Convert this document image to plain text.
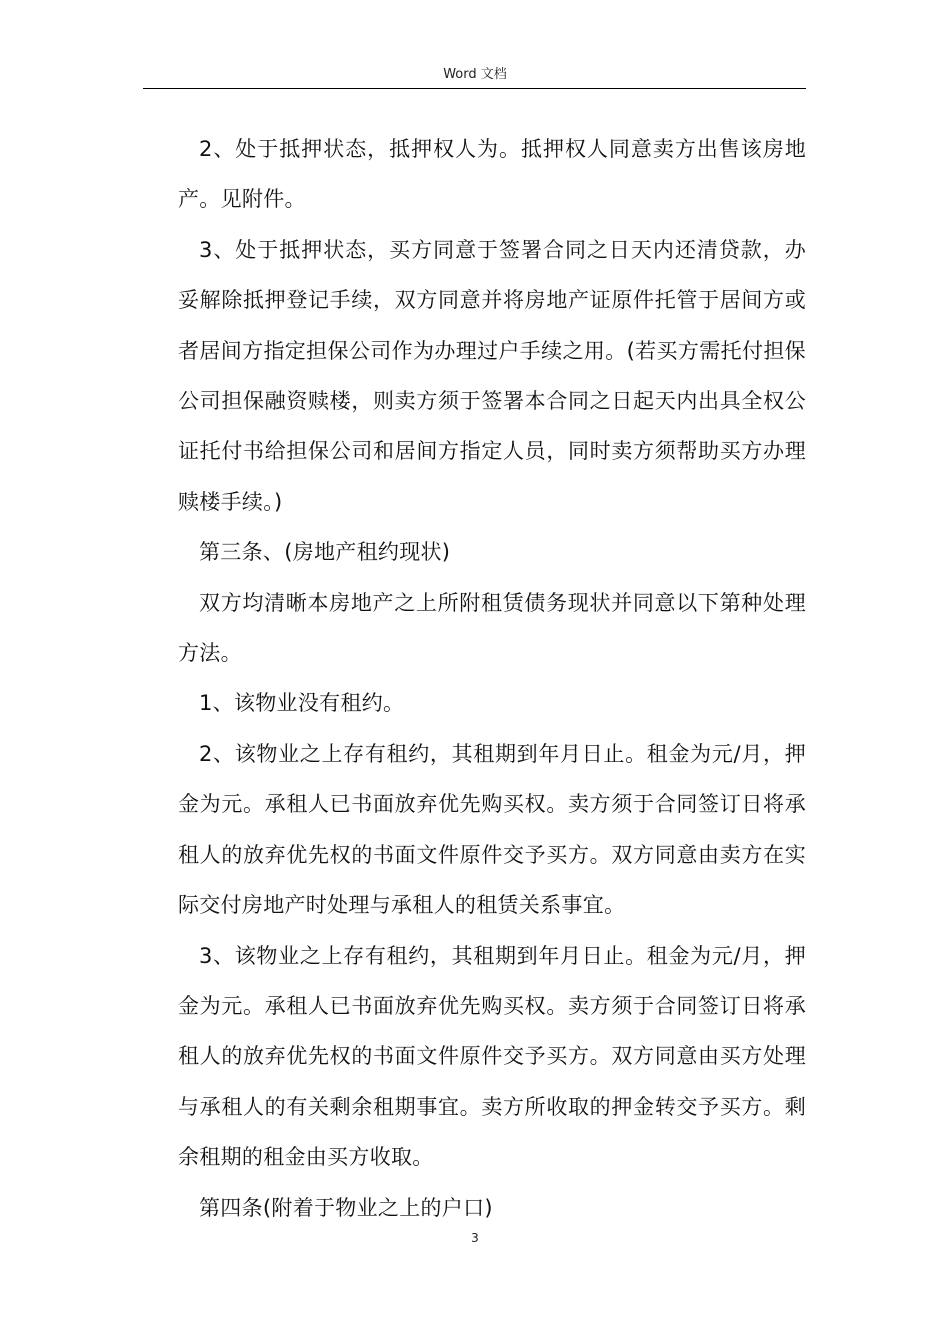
Word 文档

2、处于抵押状态，抵押权人为。抵押权人同意卖方出售该房地产。见附件。

3、处于抵押状态，买方同意于签署合同之日天内还清贷款，办妥解除抵押登记手续，双方同意并将房地产证原件托管于居间方或者居间方指定担保公司作为办理过户手续之用。(若买方需托付担保公司担保融资赎楼，则卖方须于签署本合同之日起天内出具全权公证托付书给担保公司和居间方指定人员，同时卖方须帮助买方办理赎楼手续。)

第三条、(房地产租约现状)

双方均清晰本房地产之上所附租赁债务现状并同意以下第种处理方法。

1、该物业没有租约。

2、该物业之上存有租约，其租期到年月日止。租金为元/月，押金为元。承租人已书面放弃优先购买权。卖方须于合同签订日将承租人的放弃优先权的书面文件原件交予买方。双方同意由卖方在实际交付房地产时处理与承租人的租赁关系事宜。

3、该物业之上存有租约，其租期到年月日止。租金为元/月，押金为元。承租人已书面放弃优先购买权。卖方须于合同签订日将承租人的放弃优先权的书面文件原件交予买方。双方同意由买方处理与承租人的有关剩余租期事宜。卖方所收取的押金转交予买方。剩余租期的租金由买方收取。

第四条(附着于物业之上的户口)

3
